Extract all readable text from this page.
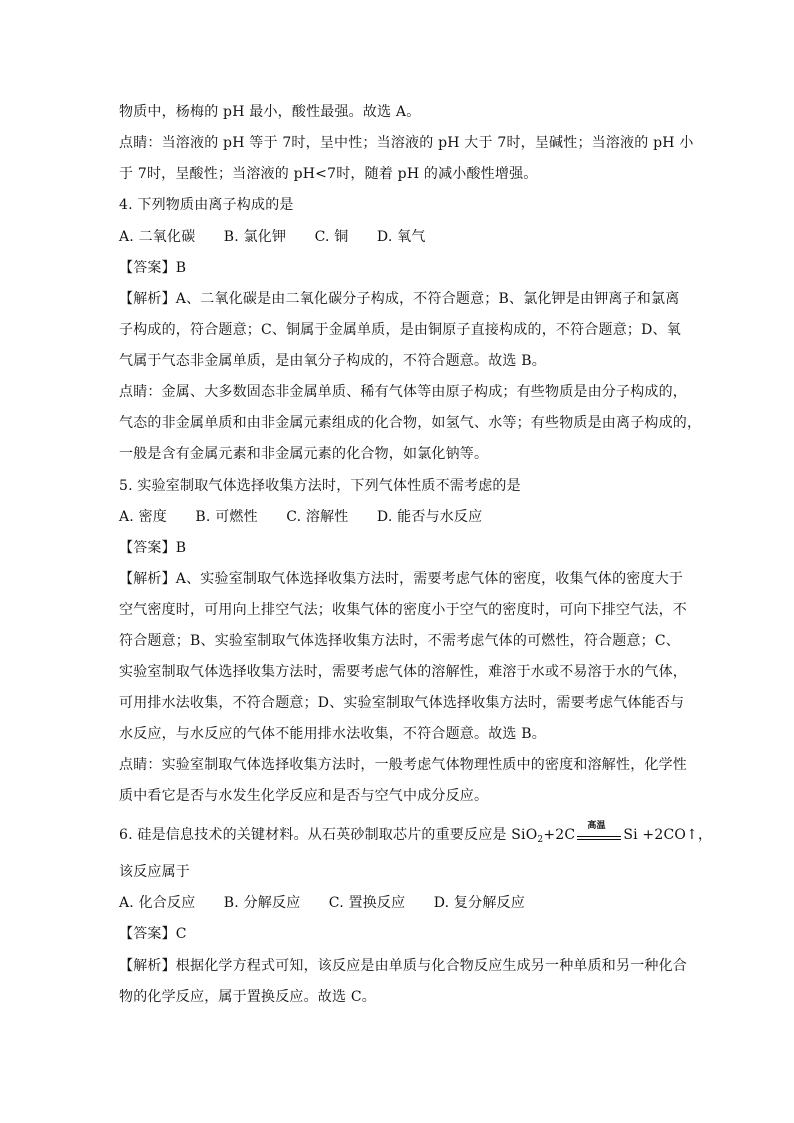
物质中，杨梅的 pH 最小，酸性最强。故选 A。
点睛：当溶液的 pH 等于 7时，呈中性；当溶液的 pH 大于 7时，呈碱性；当溶液的 pH 小
于 7时，呈酸性；当溶液的 pH<7时，随着 pH 的减小酸性增强。
4. 下列物质由离子构成的是
A. 二氧化碳　　B. 氯化钾　　C. 铜　　D. 氧气
【答案】B
【解析】A、二氧化碳是由二氧化碳分子构成，不符合题意；B、氯化钾是由钾离子和氯离
子构成的，符合题意；C、铜属于金属单质，是由铜原子直接构成的，不符合题意；D、氧
气属于气态非金属单质，是由氧分子构成的，不符合题意。故选 B。
点睛：金属、大多数固态非金属单质、稀有气体等由原子构成；有些物质是由分子构成的，
气态的非金属单质和由非金属元素组成的化合物，如氢气、水等；有些物质是由离子构成的，
一般是含有金属元素和非金属元素的化合物，如氯化钠等。
5. 实验室制取气体选择收集方法时，下列气体性质不需考虑的是
A. 密度　　B. 可燃性　　C. 溶解性　　D. 能否与水反应
【答案】B
【解析】A、实验室制取气体选择收集方法时，需要考虑气体的密度，收集气体的密度大于
空气密度时，可用向上排空气法；收集气体的密度小于空气的密度时，可向下排空气法，不
符合题意；B、实验室制取气体选择收集方法时，不需考虑气体的可燃性，符合题意；C、
实验室制取气体选择收集方法时，需要考虑气体的溶解性，难溶于水或不易溶于水的气体，
可用排水法收集，不符合题意；D、实验室制取气体选择收集方法时，需要考虑气体能否与
水反应，与水反应的气体不能用排水法收集，不符合题意。故选 B。
点睛：实验室制取气体选择收集方法时，一般考虑气体物理性质中的密度和溶解性，化学性
质中看它是否与水发生化学反应和是否与空气中成分反应。
6. 硅是信息技术的关键材料。从石英砂制取芯片的重要反应是 SiO$_2$+2C
高温
Si +2CO↑，
该反应属于
A. 化合反应　　B. 分解反应　　C. 置换反应　　D. 复分解反应
【答案】C
【解析】根据化学方程式可知，该反应是由单质与化合物反应生成另一种单质和另一种化合
物的化学反应，属于置换反应。故选 C。
